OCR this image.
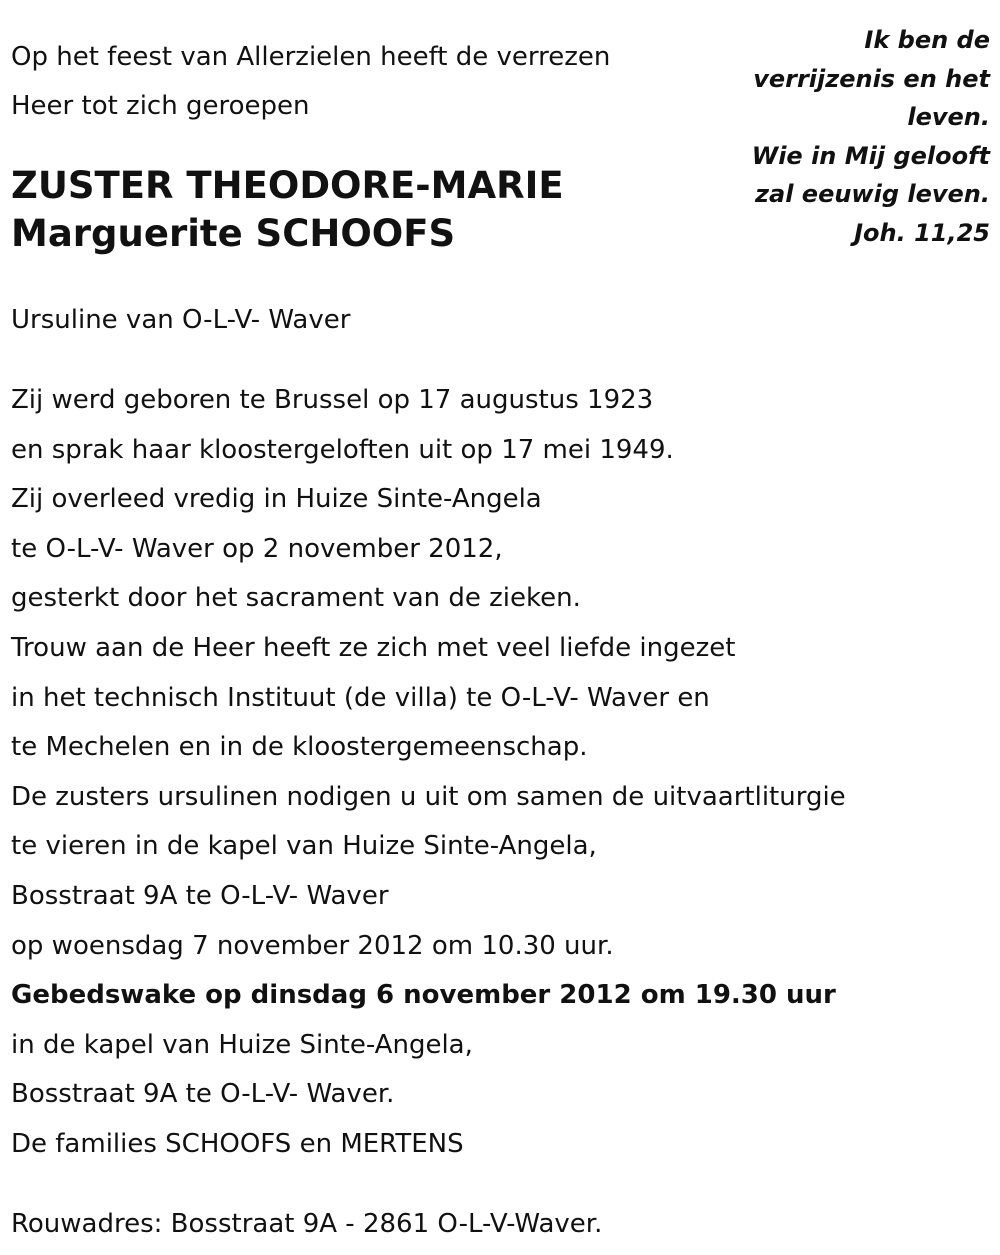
Op het feest van Allerzielen heeft de verrezen
Heer tot zich geroepen
Ik ben de
verrijzenis en het
leven.
Wie in Mij gelooft
zal eeuwig leven.
Joh. 11,25
ZUSTER THEODORE-MARIE
Marguerite SCHOOFS
Ursuline van O-L-V- Waver
Zij werd geboren te Brussel op 17 augustus 1923
en sprak haar kloostergeloften uit op 17 mei 1949.
Zij overleed vredig in Huize Sinte-Angela
te O-L-V- Waver op 2 november 2012,
gesterkt door het sacrament van de zieken.
Trouw aan de Heer heeft ze zich met veel liefde ingezet
in het technisch Instituut (de villa) te O-L-V- Waver en
te Mechelen en in de kloostergemeenschap.
De zusters ursulinen nodigen u uit om samen de uitvaartliturgie
te vieren in de kapel van Huize Sinte-Angela,
Bosstraat 9A te O-L-V- Waver
op woensdag 7 november 2012 om 10.30 uur.
Gebedswake op dinsdag 6 november 2012 om 19.30 uur
in de kapel van Huize Sinte-Angela,
Bosstraat 9A te O-L-V- Waver.
De families SCHOOFS en MERTENS
Rouwadres: Bosstraat 9A - 2861 O-L-V-Waver.
